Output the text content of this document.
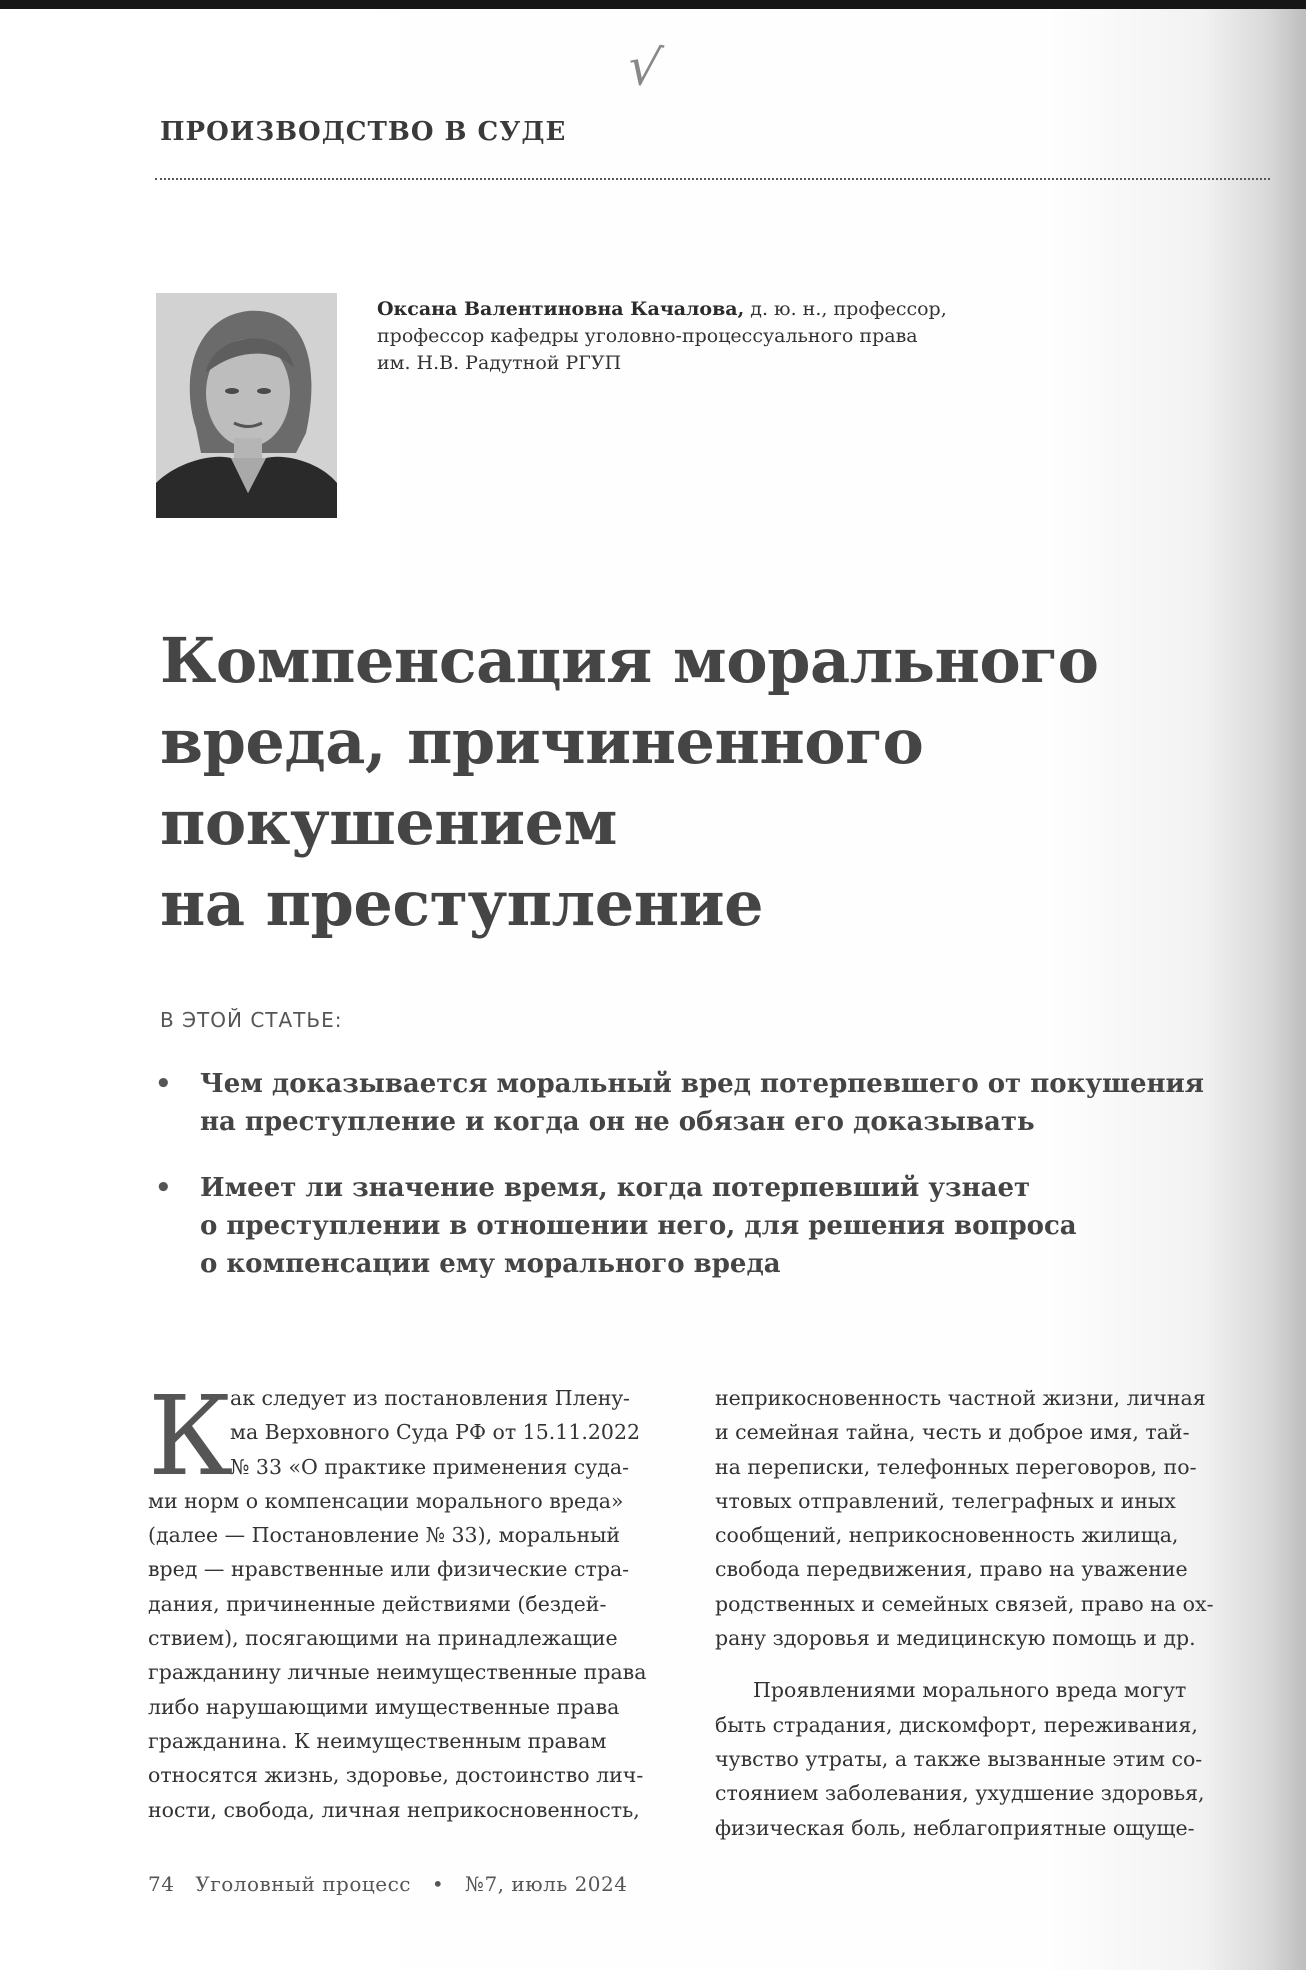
√
ПРОИЗВОДСТВО В СУДЕ
Оксана Валентиновна Качалова, д. ю. н., профессор,
профессор кафедры уголовно-процессуального права
им. Н.В. Радутной РГУП
Компенсация морального
вреда, причиненного
покушением
на преступление
В ЭТОЙ СТАТЬЕ:
• Чем доказывается моральный вред потерпевшего от покушения
на преступление и когда он не обязан его доказывать
• Имеет ли значение время, когда потерпевший узнает
о преступлении в отношении него, для решения вопроса
о компенсации ему морального вреда
К
ак следует из постановления Пленy-
ма Верховного Суда РФ от 15.11.2022
№ 33 «О практике применения суда-
ми норм о компенсации морального вреда»
(далее — Постановление № 33), моральный
вред — нравственные или физические стра-
дания, причиненные действиями (бездей-
ствием), посягающими на принадлежащие
гражданину личные неимущественные права
либо нарушающими имущественные права
гражданина. К неимущественным правам
относятся жизнь, здоровье, достоинство лич-
ности, свобода, личная неприкосновенность,
неприкосновенность частной жизни, личная
и семейная тайна, честь и доброе имя, тай-
на переписки, телефонных переговоров, по-
чтовых отправлений, телеграфных и иных
сообщений, неприкосновенность жилища,
свобода передвижения, право на уважение
родственных и семейных связей, право на ох-
рану здоровья и медицинскую помощь и др.
Проявлениями морального вреда могут
быть страдания, дискомфорт, переживания,
чувство утраты, а также вызванные этим со-
стоянием заболевания, ухудшение здоровья,
физическая боль, неблагоприятные ощуще-
74 Уголовный процесс • №7, июль 2024
